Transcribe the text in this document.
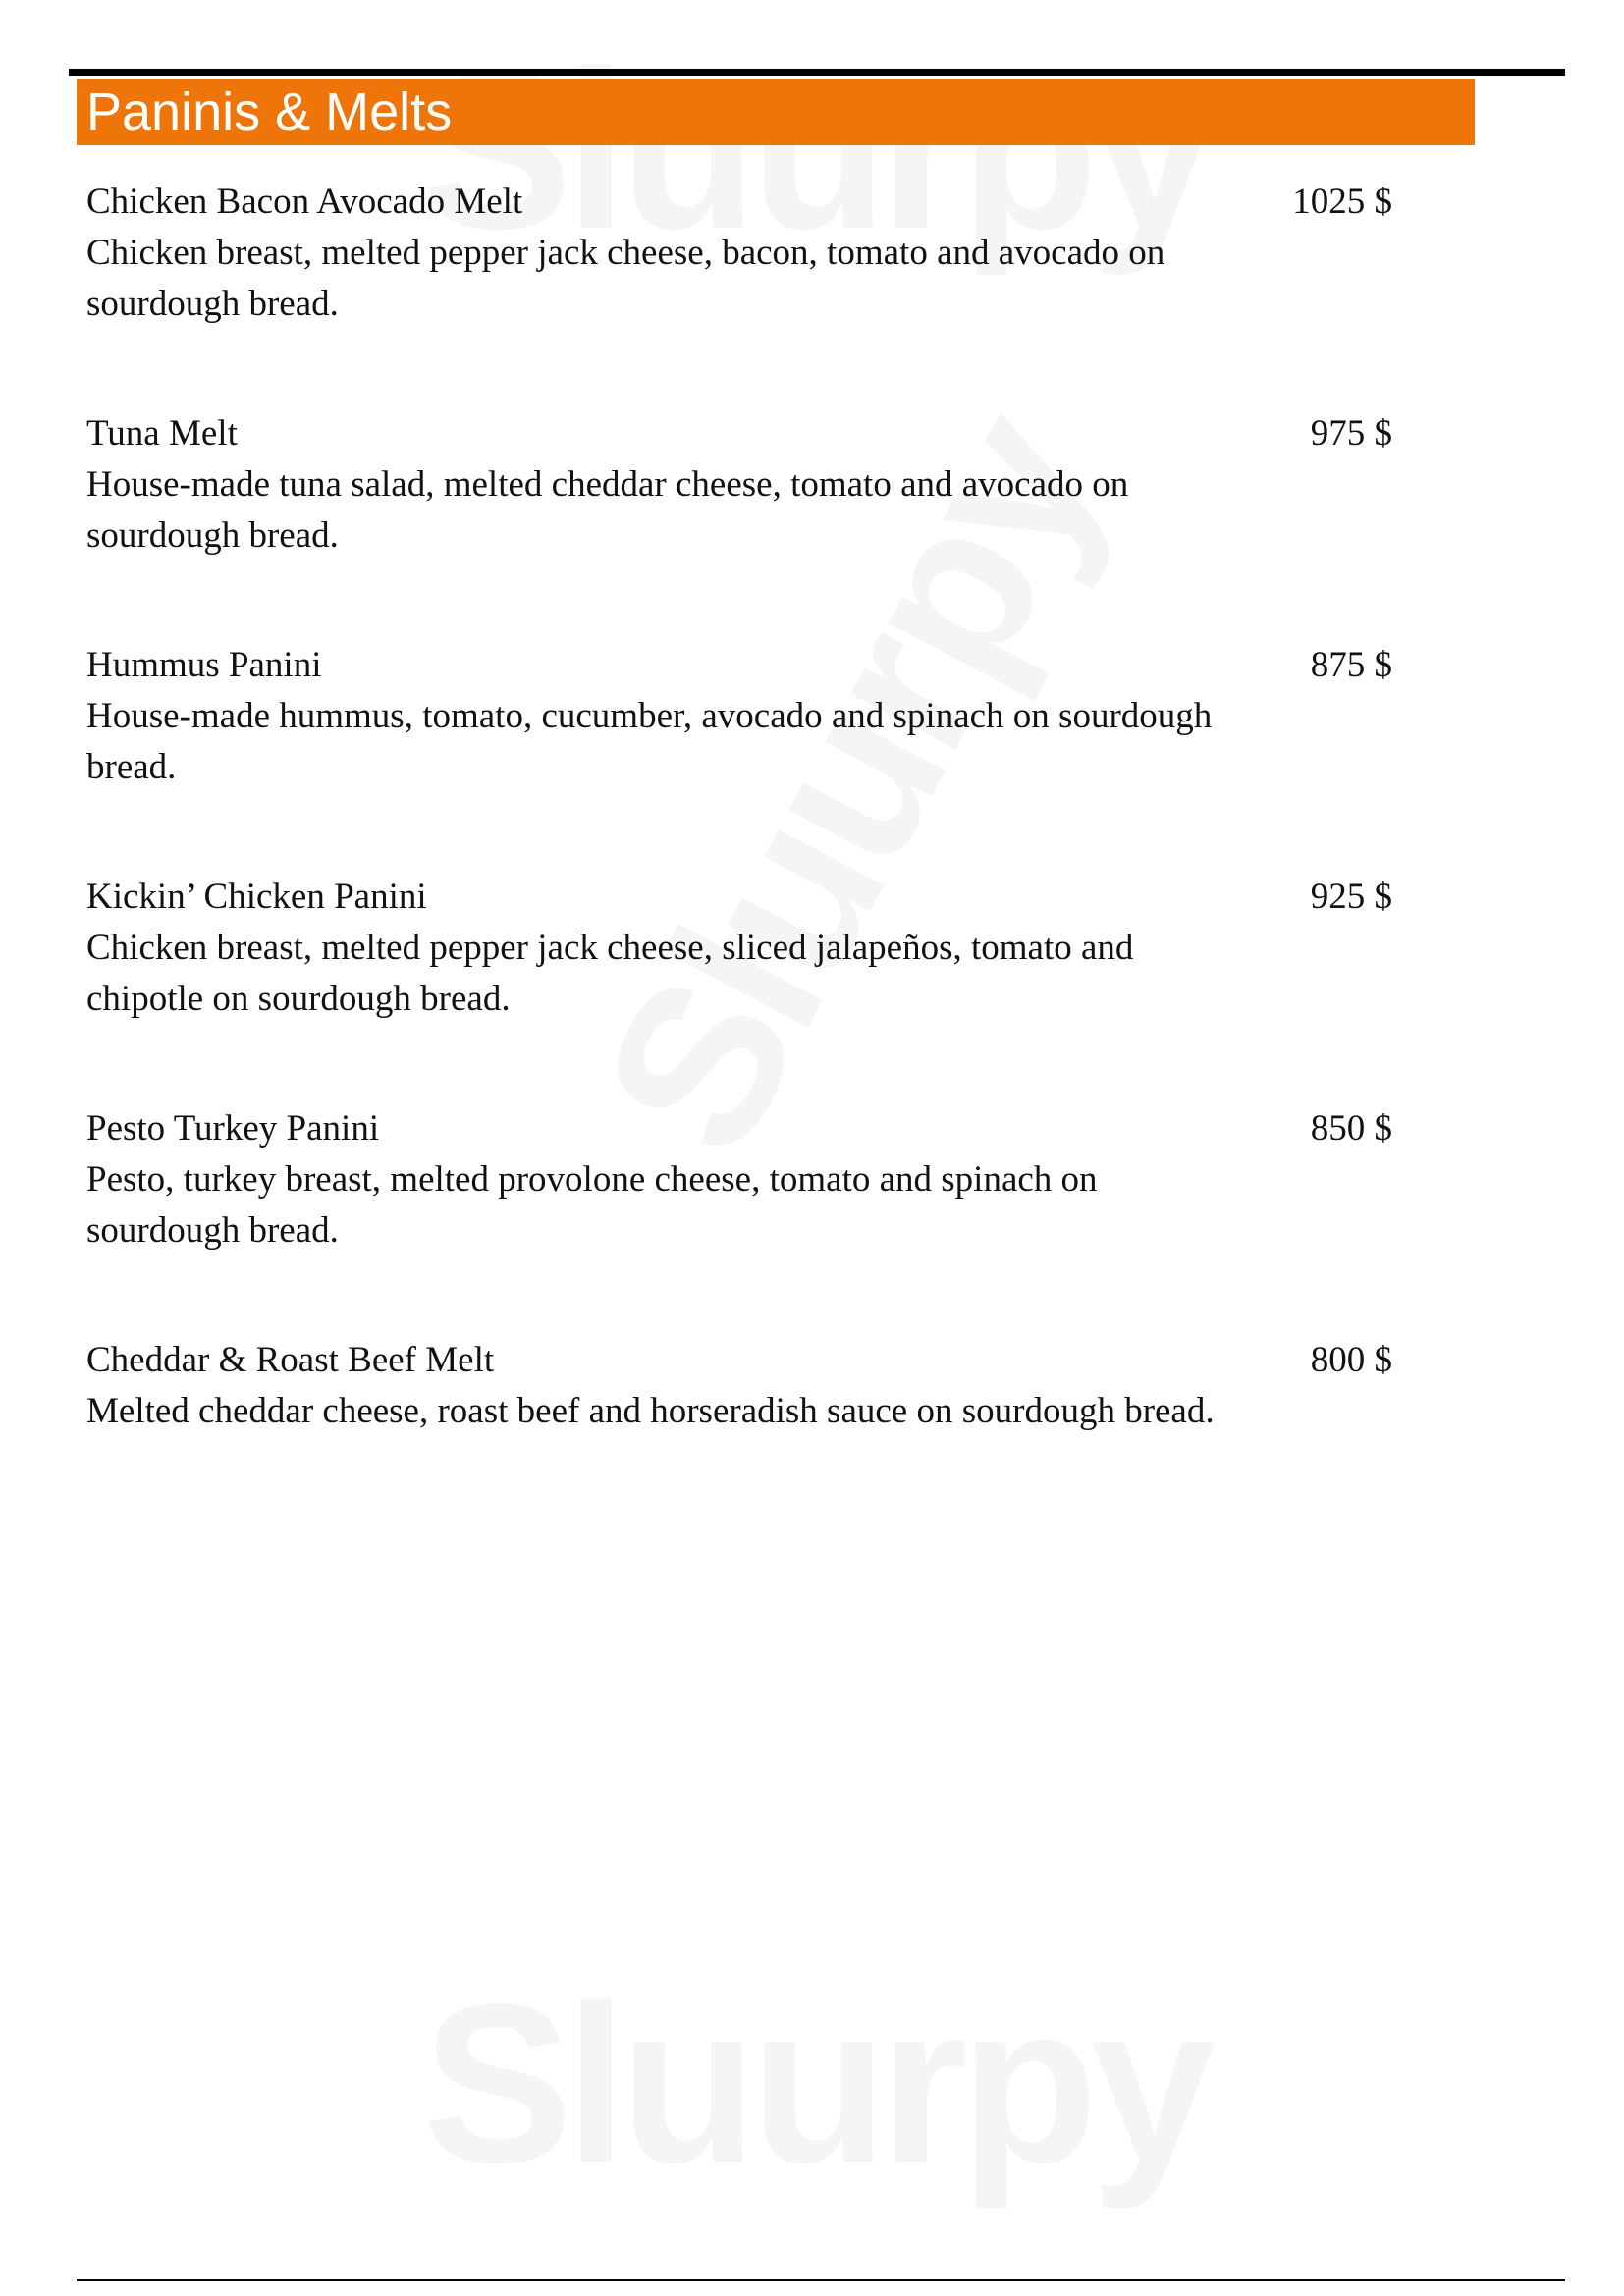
Paninis & Melts
Chicken Bacon Avocado Melt
Chicken breast, melted pepper jack cheese, bacon, tomato and avocado on sourdough bread.
1025 $
Tuna Melt
House-made tuna salad, melted cheddar cheese, tomato and avocado on sourdough bread.
975 $
Hummus Panini
House-made hummus, tomato, cucumber, avocado and spinach on sourdough bread.
875 $
Kickin’ Chicken Panini
Chicken breast, melted pepper jack cheese, sliced jalapeños, tomato and chipotle on sourdough bread.
925 $
Pesto Turkey Panini
Pesto, turkey breast, melted provolone cheese, tomato and spinach on sourdough bread.
850 $
Cheddar & Roast Beef Melt
Melted cheddar cheese, roast beef and horseradish sauce on sourdough bread.
800 $
